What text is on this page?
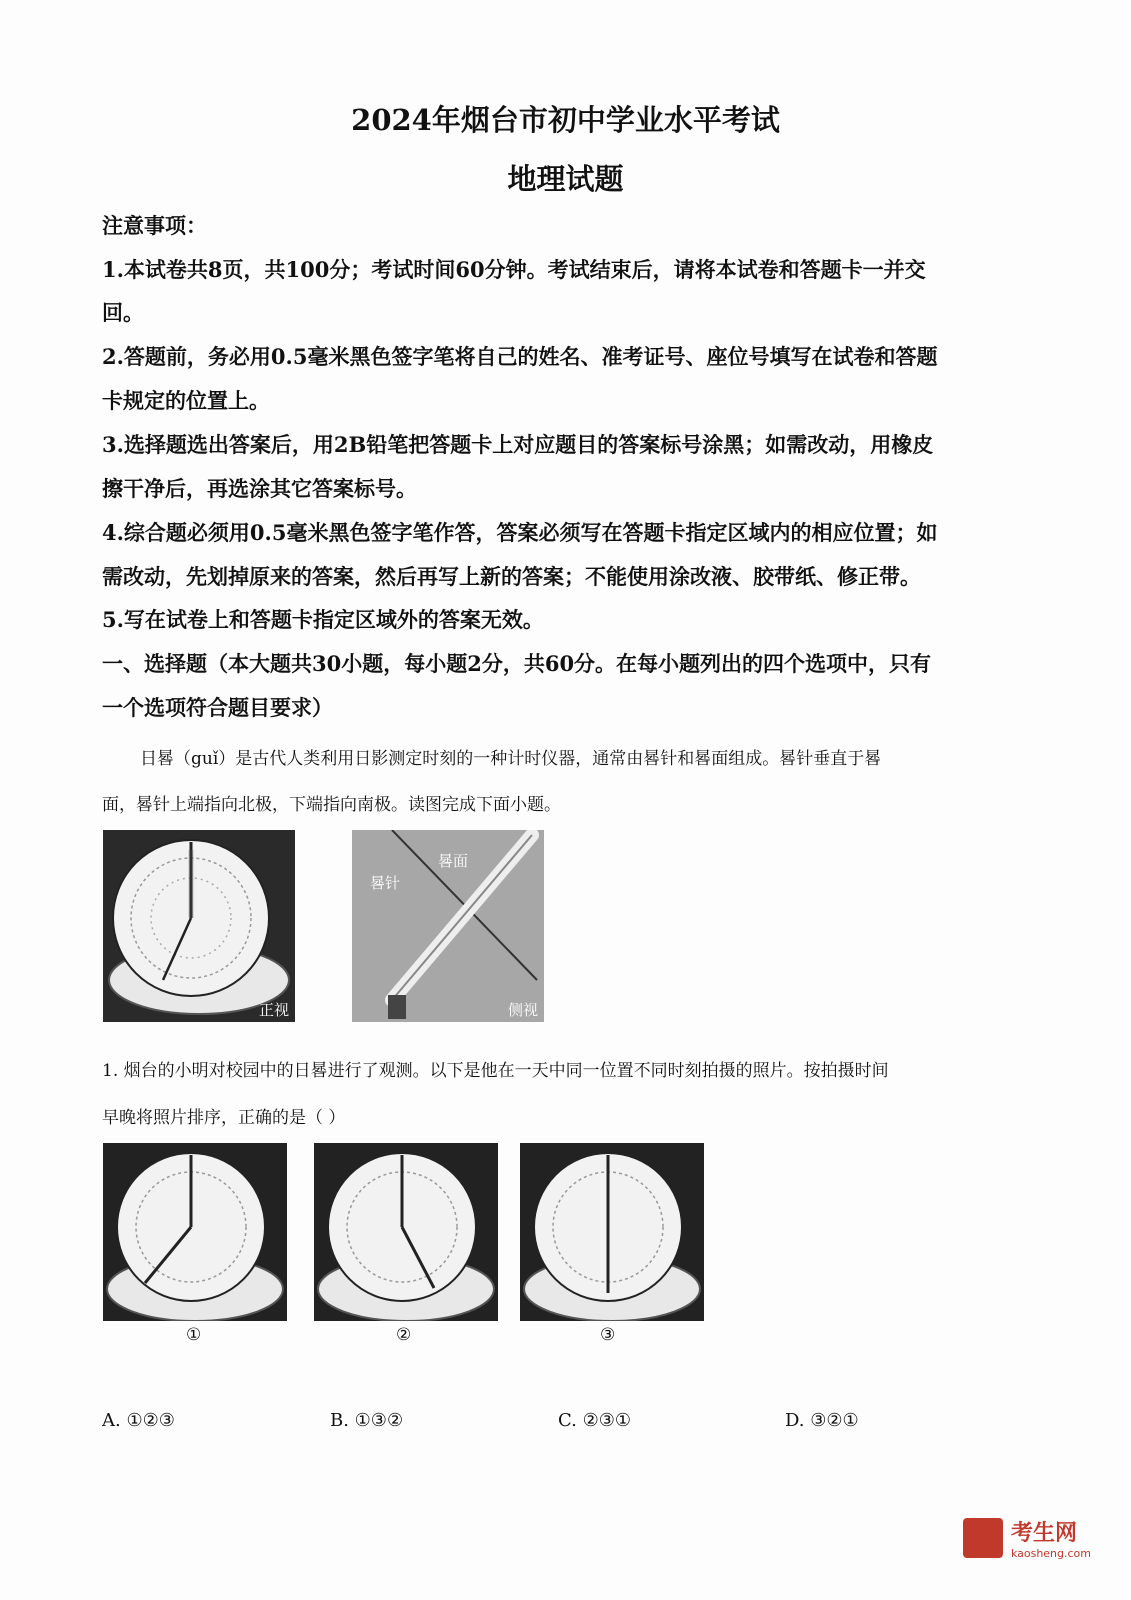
2024年烟台市初中学业水平考试
地理试题
注意事项：
1.本试卷共8页，共100分；考试时间60分钟。考试结束后，请将本试卷和答题卡一并交
回。
2.答题前，务必用0.5毫米黑色签字笔将自己的姓名、准考证号、座位号填写在试卷和答题
卡规定的位置上。
3.选择题选出答案后，用2B铅笔把答题卡上对应题目的答案标号涂黑；如需改动，用橡皮
擦干净后，再选涂其它答案标号。
4.综合题必须用0.5毫米黑色签字笔作答，答案必须写在答题卡指定区域内的相应位置；如
需改动，先划掉原来的答案，然后再写上新的答案；不能使用涂改液、胶带纸、修正带。
5.写在试卷上和答题卡指定区域外的答案无效。
一、选择题（本大题共30小题，每小题2分，共60分。在每小题列出的四个选项中，只有
一个选项符合题目要求）
日晷（guǐ）是古代人类利用日影测定时刻的一种计时仪器，通常由晷针和晷面组成。晷针垂直于晷
面，晷针上端指向北极，下端指向南极。读图完成下面小题。
正视
晷针
晷面
侧视
1. 烟台的小明对校园中的日晷进行了观测。以下是他在一天中同一位置不同时刻拍摄的照片。按拍摄时间
早晚将照片排序，正确的是（ ）
①	②	③
A. ①②③	B. ①③②	C. ②③①	D. ③②①
考生网
kaosheng.com
